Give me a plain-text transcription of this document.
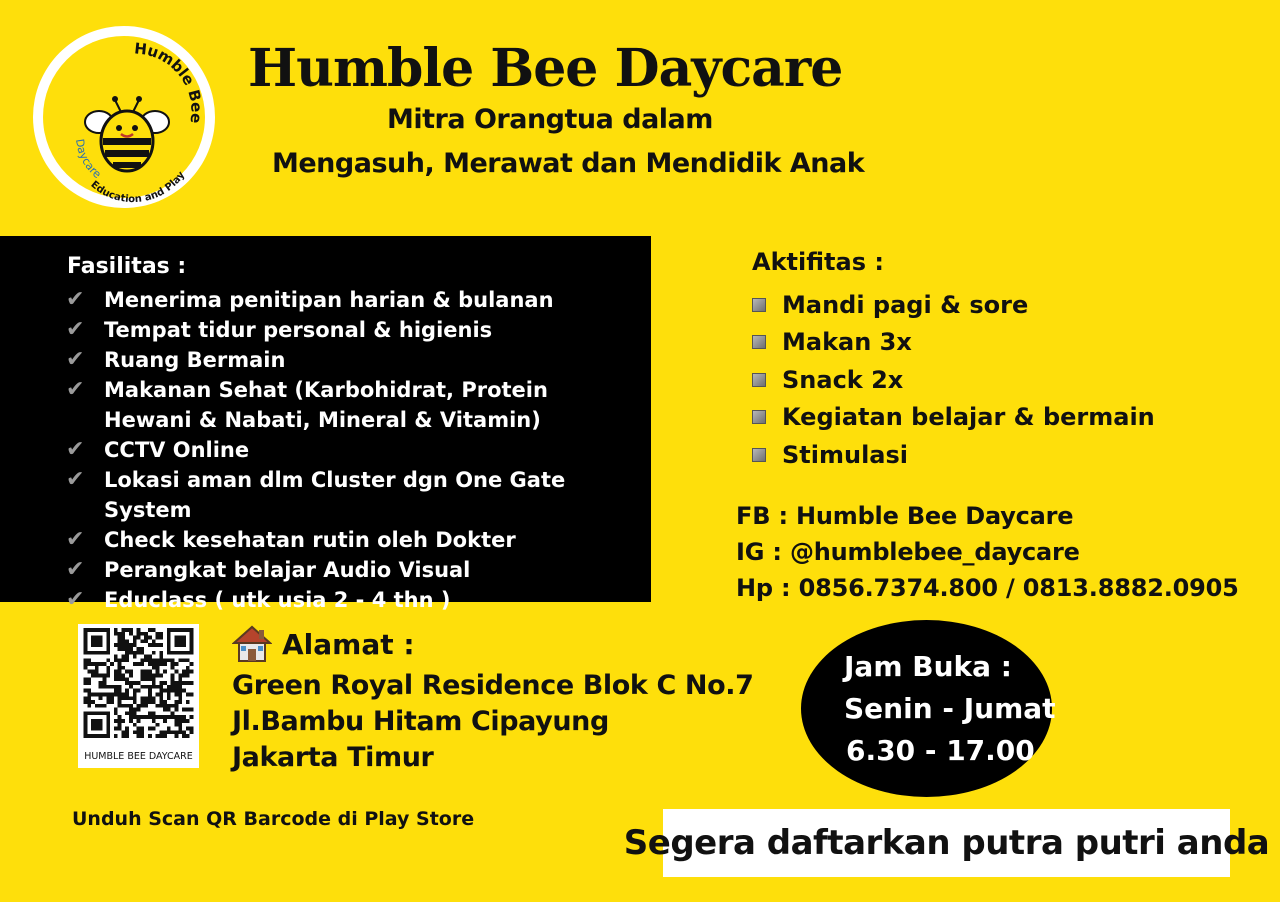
Humble Bee
Daycare
Education and Play
Humble Bee Daycare
Mitra Orangtua dalam
Mengasuh, Merawat dan Mendidik Anak
Fasilitas :
✔ Menerima penitipan harian & bulanan
✔ Tempat tidur personal & higienis
✔ Ruang Bermain
✔ Makanan Sehat (Karbohidrat, Protein Hewani & Nabati, Mineral & Vitamin)
✔ CCTV Online
✔ Lokasi aman dlm Cluster dgn One Gate System
✔ Check kesehatan rutin oleh Dokter
✔ Perangkat belajar Audio Visual
✔ Educlass ( utk usia 2 - 4 thn )
Aktifitas :
Mandi pagi & sore
Makan 3x
Snack 2x
Kegiatan belajar & bermain
Stimulasi
FB : Humble Bee Daycare
IG : @humblebee_daycare
Hp : 0856.7374.800 / 0813.8882.0905
Jam Buka :
Senin - Jumat
6.30 - 17.00
HUMBLE BEE DAYCARE
Alamat :
Green Royal Residence Blok C No.7
Jl.Bambu Hitam Cipayung
Jakarta Timur
Unduh Scan QR Barcode di Play Store
Segera daftarkan putra putri anda
